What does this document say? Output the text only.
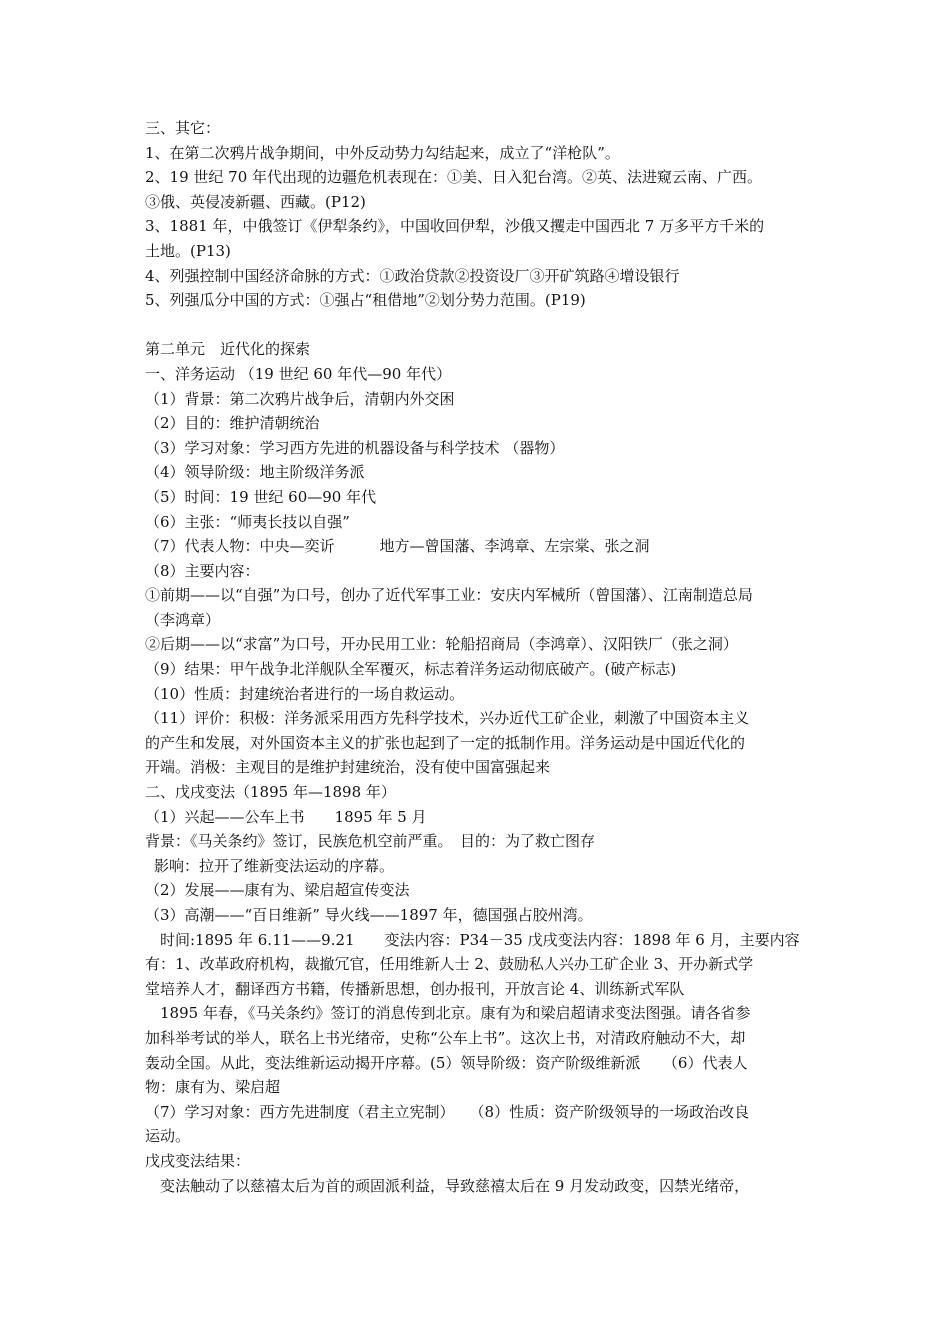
三、其它：
1、在第二次鸦片战争期间，中外反动势力勾结起来，成立了“洋枪队”。
2、19 世纪 70 年代出现的边疆危机表现在：①美、日入犯台湾。②英、法进窥云南、广西。
③俄、英侵凌新疆、西藏。(P12)
3、1881 年，中俄签订《伊犁条约》，中国收回伊犁，沙俄又攫走中国西北 7 万多平方千米的
土地。(P13)
4、列强控制中国经济命脉的方式：①政治贷款②投资设厂③开矿筑路④增设银行
5、列强瓜分中国的方式：①强占“租借地”②划分势力范围。(P19)
第二单元　近代化的探索
一、洋务运动 （19 世纪 60 年代—90 年代）
（1）背景：第二次鸦片战争后，清朝内外交困
（2）目的：维护清朝统治
（3）学习对象：学习西方先进的机器设备与科学技术 （器物）
（4）领导阶级：地主阶级洋务派
（5）时间：19 世纪 60—90 年代
（6）主张：“师夷长技以自强”
（7）代表人物：中央—奕䜣　　　地方—曾国藩、李鸿章、左宗棠、张之洞
（8）主要内容：
①前期——以“自强”为口号，创办了近代军事工业：安庆内军械所（曾国藩）、江南制造总局
（李鸿章）
②后期——以“求富”为口号，开办民用工业：轮船招商局（李鸿章）、汉阳铁厂（张之洞）
（9）结果：甲午战争北洋舰队全军覆灭，标志着洋务运动彻底破产。(破产标志)
（10）性质：封建统治者进行的一场自救运动。
（11）评价：积极：洋务派采用西方先科学技术，兴办近代工矿企业，刺激了中国资本主义
的产生和发展，对外国资本主义的扩张也起到了一定的抵制作用。洋务运动是中国近代化的
开端。消极：主观目的是维护封建统治，没有使中国富强起来
二、戊戌变法（1895 年—1898 年）
（1）兴起——公车上书　　1895 年 5 月
背景：《马关条约》签订，民族危机空前严重。　目的：为了救亡图存
影响：拉开了维新变法运动的序幕。
（2）发展——康有为、梁启超宣传变法
（3）高潮——“百日维新” 导火线——1897 年，德国强占胶州湾。
时间:1895 年 6.11——9.21　　变法内容：P34－35 戊戌变法内容：1898 年 6 月，主要内容
有：1、改革政府机构，裁撤冗官，任用维新人士 2、鼓励私人兴办工矿企业 3、开办新式学
堂培养人才，翻译西方书籍，传播新思想，创办报刊，开放言论 4、训练新式军队
1895 年春，《马关条约》签订的消息传到北京。康有为和梁启超请求变法图强。请各省参
加科举考试的举人，联名上书光绪帝，史称“公车上书”。这次上书，对清政府触动不大，却
轰动全国。从此，变法维新运动揭开序幕。(5）领导阶级：资产阶级维新派　　（6）代表人
物：康有为、梁启超
（7）学习对象：西方先进制度（君主立宪制）　　（8）性质：资产阶级领导的一场政治改良
运动。
戊戌变法结果：
变法触动了以慈禧太后为首的顽固派利益，导致慈禧太后在 9 月发动政变，囚禁光绪帝，
